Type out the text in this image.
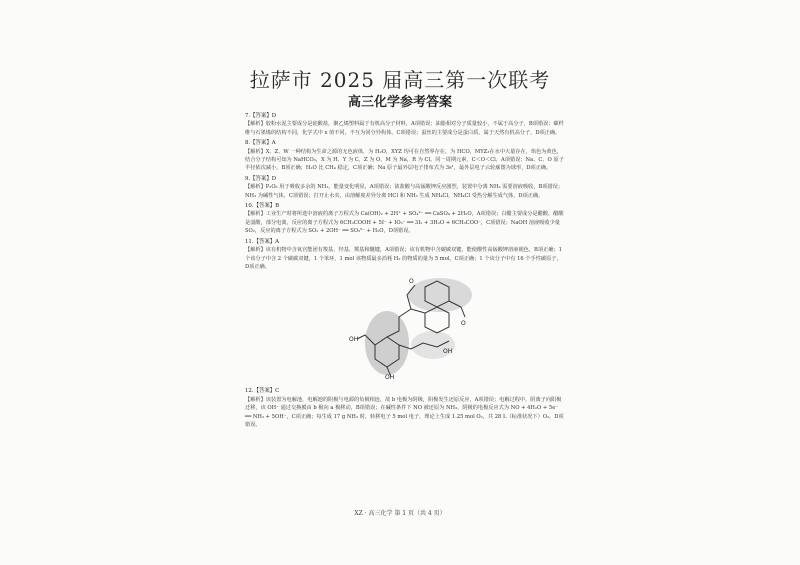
拉萨市 2025 届高三第一次联考
高三化学参考答案
7.【答案】D
【解析】胶粉水泥主要成分是硅酸盐，聚乙烯塑料属于有机高分子材料，A项错误；油脂相对分子质量较小，不属于高分子，B项错误；碳纤维与石墨烯的结构不同，化学式中 x 值不同，不互为同分异构体，C项错误；蚕丝的主要成分是蛋白质，属于天然有机高分子，D项正确。
8.【答案】A
【解析】X、Z、W 一种结构为生命之源的无色液体，为 H₂O，XYZ 均可在自然界存在，为 HCO，MYZ₃在水中大量存在，焰色为黄色，结合分子结构可知为 NaHCO₃，X 为 H，Y 为 C，Z 为 O，M 为 Na，R 为 Cl。同一周期元素，C＜O＜Cl，A项错误；Na、C、O 原子半径依次减小，B项正确；H₂O 比 CH₄ 稳定，C项正确；Na 原子最外层电子排布式为 3s¹，最外层电子云轮廓图为球形，D项正确。
9.【答案】D
【解析】P₂O₅ 用于吸收多余的 NH₃，能量变化明显，A项错误；浓盐酸与高锰酸钾反应剧烈，装置中分离 NH₃ 需要溶液吸收，B项错误；NH₃ 为碱性气体，C项错误；打开止水夹，由溶解度差异分离 HCl 和 NH₃ 生成 NH₄Cl，NH₄Cl 受热分解生成气体，D项正确。
10.【答案】B
【解析】工业生产时将所选中溶液的离子方程式为 Ca(OH)₂ + 2H⁺ + SO₄²⁻ ══ CaSO₄ + 2H₂O，A项错误；白醋主要成分是醋酸，醋酸是弱酸，部分电离，反应的离子方程式为 6CH₃COOH + 5I⁻ + IO₃⁻ ══ 3I₂ + 3H₂O + 6CH₃COO⁻，C项错误；NaOH 溶液吸收少量 SO₂，反应的离子方程式为 SO₂ + 2OH⁻ ══ SO₃²⁻ + H₂O，D项错误。
11.【答案】A
【解析】该有机物中含氧官能团有羧基、羟基、羰基和醚键，A项错误；该有机物中含碳碳双键，能使酸性高锰酸钾溶液褪色，B项正确；1 个该分子中含 2 个碳碳双键，1 个苯环，1 mol 该物质最多消耗 H₂ 的物质的量为 5 mol，C项正确；1 个该分子中有 16 个手性碳原子，D项正确。
OH
O
OH
OH
O
12.【答案】C
【解析】该装置为电解池，电解池的阴极与电源的负极相连，故 b 电极为阴极，阴极发生还原反应，A项错误；电解过程中，阴离子向阳极迁移，该 OH⁻ 通过交换膜由 b 极向 a 极移动，B项错误；在碱性条件下 NO 被还原为 NH₃，阴极的电极反应式为 NO + 4H₂O + 5e⁻ ══ NH₃ + 5OH⁻，C项正确；每生成 17 g NH₃ 时，转移电子 5 mol 电子，理论上生成 1.25 mol O₂，共 28 L（标准状况下）O₂，D项错误。
XZ · 高三化学 第 1 页（共 4 页）
